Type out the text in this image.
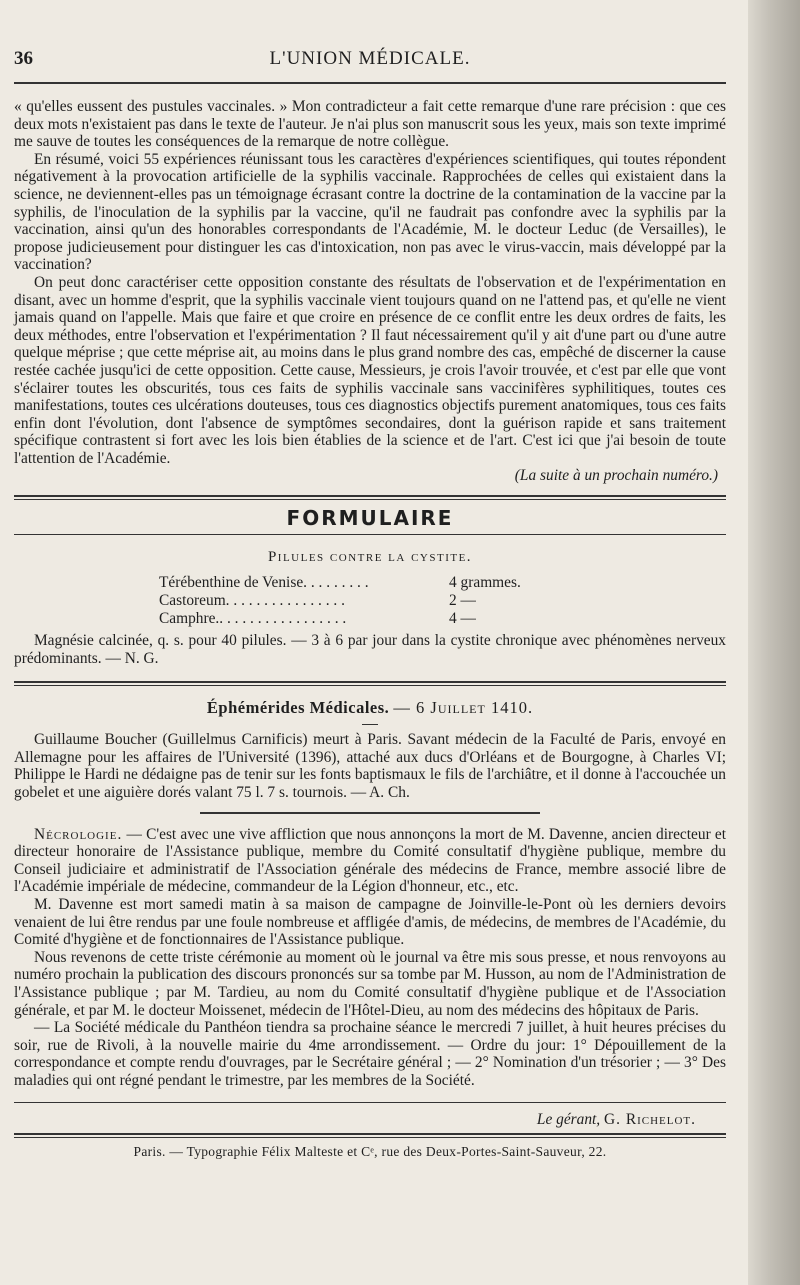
36	L'UNION MÉDICALE.

« qu'elles eussent des pustules vaccinales. » Mon contradicteur a fait cette remarque d'une rare précision : que ces deux mots n'existaient pas dans le texte de l'auteur. Je n'ai plus son manuscrit sous les yeux, mais son texte imprimé me sauve de toutes les conséquences de la remarque de notre collègue.

En résumé, voici 55 expériences réunissant tous les caractères d'expériences scientifiques, qui toutes répondent négativement à la provocation artificielle de la syphilis vaccinale. Rapprochées de celles qui existaient dans la science, ne deviennent-elles pas un témoignage écrasant contre la doctrine de la contamination de la vaccine par la syphilis, de l'inoculation de la syphilis par la vaccine, qu'il ne faudrait pas confondre avec la syphilis par la vaccination, ainsi qu'un des honorables correspondants de l'Académie, M. le docteur Leduc (de Versailles), le propose judicieusement pour distinguer les cas d'intoxication, non pas avec le virus-vaccin, mais développé par la vaccination?

On peut donc caractériser cette opposition constante des résultats de l'observation et de l'expérimentation en disant, avec un homme d'esprit, que la syphilis vaccinale vient toujours quand on ne l'attend pas, et qu'elle ne vient jamais quand on l'appelle. Mais que faire et que croire en présence de ce conflit entre les deux ordres de faits, les deux méthodes, entre l'observation et l'expérimentation ? Il faut nécessairement qu'il y ait d'une part ou d'une autre quelque méprise ; que cette méprise ait, au moins dans le plus grand nombre des cas, empêché de discerner la cause restée cachée jusqu'ici de cette opposition. Cette cause, Messieurs, je crois l'avoir trouvée, et c'est par elle que vont s'éclairer toutes les obscurités, tous ces faits de syphilis vaccinale sans vaccinifères syphilitiques, toutes ces manifestations, toutes ces ulcérations douteuses, tous ces diagnostics objectifs purement anatomiques, tous ces faits enfin dont l'évolution, dont l'absence de symptômes secondaires, dont la guérison rapide et sans traitement spécifique contrastent si fort avec les lois bien établies de la science et de l'art. C'est ici que j'ai besoin de toute l'attention de l'Académie.

(La suite à un prochain numéro.)

FORMULAIRE
Pilules contre la cystite.
Térébenthine de Venise. . . . . . . . .	4 grammes.
Castoreum. . . . . . . . . . . . . . . .	2 —
Camphre.. . . . . . . . . . . . . . . . .	4 —

Magnésie calcinée, q. s. pour 40 pilules. — 3 à 6 par jour dans la cystite chronique avec phénomènes nerveux prédominants. — N. G.

Éphémérides Médicales. — 6 Juillet 1410.

Guillaume Boucher (Guillelmus Carnificis) meurt à Paris. Savant médecin de la Faculté de Paris, envoyé en Allemagne pour les affaires de l'Université (1396), attaché aux ducs d'Orléans et de Bourgogne, à Charles VI; Philippe le Hardi ne dédaigne pas de tenir sur les fonts baptismaux le fils de l'archiâtre, et il donne à l'accouchée un gobelet et une aiguière dorés valant 75 l. 7 s. tournois. — A. Ch.

Nécrologie. — C'est avec une vive affliction que nous annonçons la mort de M. Davenne, ancien directeur et directeur honoraire de l'Assistance publique, membre du Comité consultatif d'hygiène publique, membre du Conseil judiciaire et administratif de l'Association générale des médecins de France, membre associé libre de l'Académie impériale de médecine, commandeur de la Légion d'honneur, etc., etc.

M. Davenne est mort samedi matin à sa maison de campagne de Joinville-le-Pont où les derniers devoirs venaient de lui être rendus par une foule nombreuse et affligée d'amis, de médecins, de membres de l'Académie, du Comité d'hygiène et de fonctionnaires de l'Assistance publique.

Nous revenons de cette triste cérémonie au moment où le journal va être mis sous presse, et nous renvoyons au numéro prochain la publication des discours prononcés sur sa tombe par M. Husson, au nom de l'Administration de l'Assistance publique ; par M. Tardieu, au nom du Comité consultatif d'hygiène publique et de l'Association générale, et par M. le docteur Moissenet, médecin de l'Hôtel-Dieu, au nom des médecins des hôpitaux de Paris.

— La Société médicale du Panthéon tiendra sa prochaine séance le mercredi 7 juillet, à huit heures précises du soir, rue de Rivoli, à la nouvelle mairie du 4me arrondissement. — Ordre du jour: 1° Dépouillement de la correspondance et compte rendu d'ouvrages, par le Secrétaire général ; — 2° Nomination d'un trésorier ; — 3° Des maladies qui ont régné pendant le trimestre, par les membres de la Société.

Le gérant, G. Richelot.
Paris. — Typographie Félix Malteste et Cᵉ, rue des Deux-Portes-Saint-Sauveur, 22.
